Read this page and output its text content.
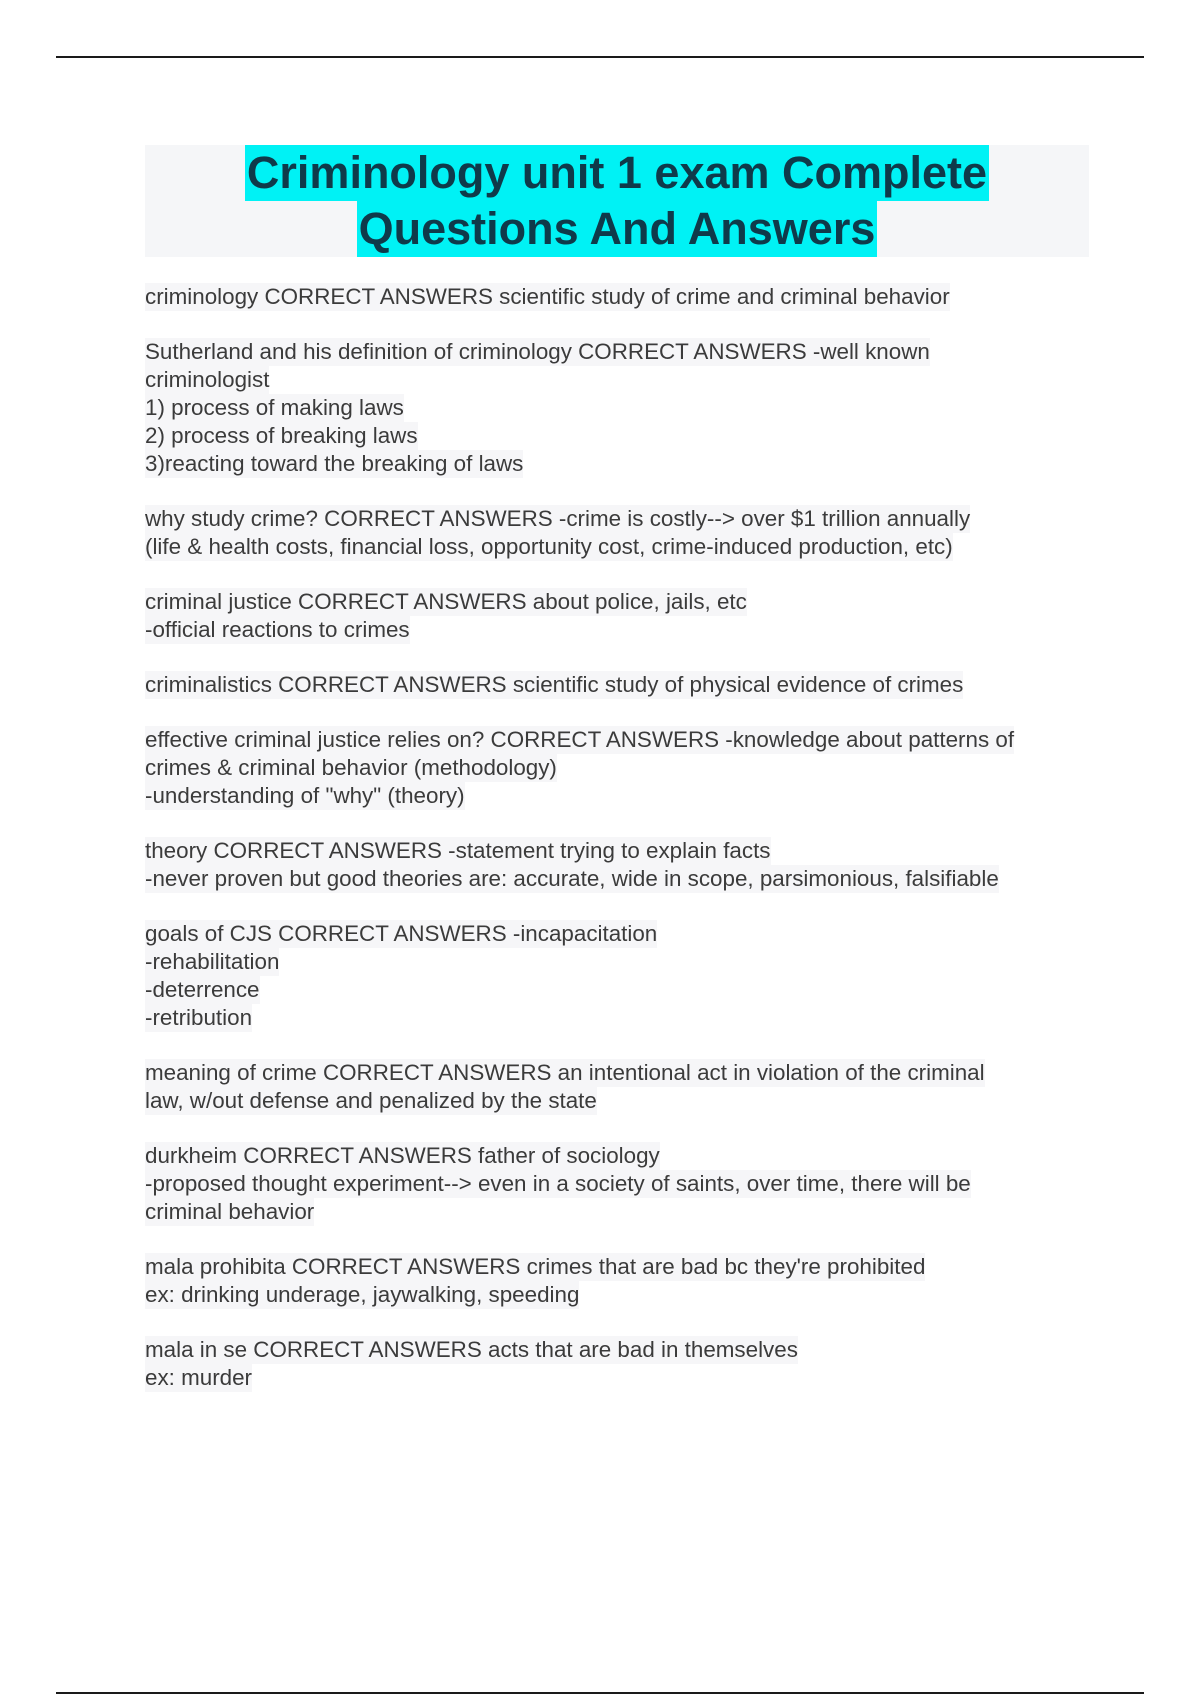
Criminology unit 1 exam Complete
Questions And Answers
criminology CORRECT ANSWERS scientific study of crime and criminal behavior
Sutherland and his definition of criminology CORRECT ANSWERS -well known
criminologist
1) process of making laws
2) process of breaking laws
3)reacting toward the breaking of laws
why study crime? CORRECT ANSWERS -crime is costly--> over $1 trillion annually
(life & health costs, financial loss, opportunity cost, crime-induced production, etc)
criminal justice CORRECT ANSWERS about police, jails, etc
-official reactions to crimes
criminalistics CORRECT ANSWERS scientific study of physical evidence of crimes
effective criminal justice relies on? CORRECT ANSWERS -knowledge about patterns of
crimes & criminal behavior (methodology)
-understanding of "why" (theory)
theory CORRECT ANSWERS -statement trying to explain facts
-never proven but good theories are: accurate, wide in scope, parsimonious, falsifiable
goals of CJS CORRECT ANSWERS -incapacitation
-rehabilitation
-deterrence
-retribution
meaning of crime CORRECT ANSWERS an intentional act in violation of the criminal
law, w/out defense and penalized by the state
durkheim CORRECT ANSWERS father of sociology
-proposed thought experiment--> even in a society of saints, over time, there will be
criminal behavior
mala prohibita CORRECT ANSWERS crimes that are bad bc they're prohibited
ex: drinking underage, jaywalking, speeding
mala in se CORRECT ANSWERS acts that are bad in themselves
ex: murder
